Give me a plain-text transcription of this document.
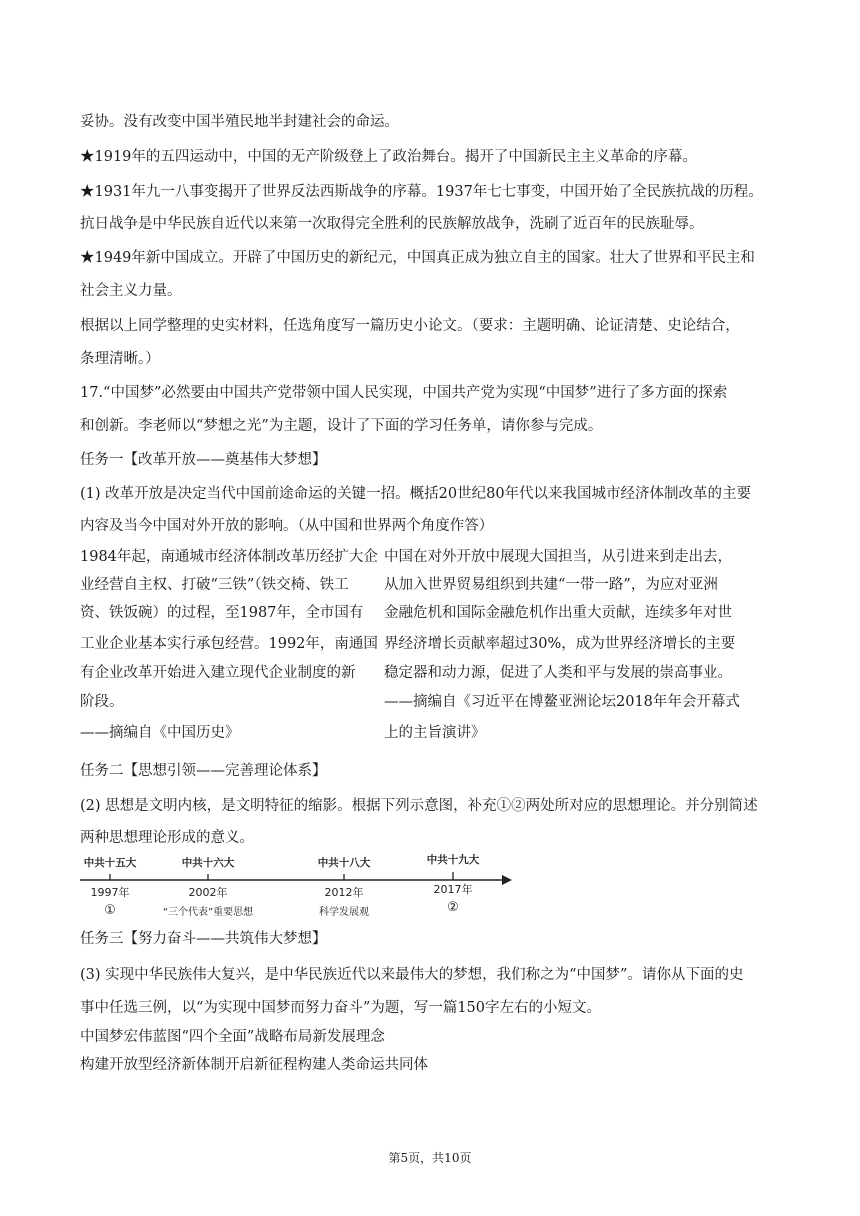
妥协。没有改变中国半殖民地半封建社会的命运。

★1919年的五四运动中，中国的无产阶级登上了政治舞台。揭开了中国新民主主义革命的序幕。

★1931年九一八事变揭开了世界反法西斯战争的序幕。1937年七七事变，中国开始了全民族抗战的历程。

抗日战争是中华民族自近代以来第一次取得完全胜利的民族解放战争，洗刷了近百年的民族耻辱。

★1949年新中国成立。开辟了中国历史的新纪元，中国真正成为独立自主的国家。壮大了世界和平民主和

社会主义力量。

根据以上同学整理的史实材料，任选角度写一篇历史小论文。（要求：主题明确、论证清楚、史论结合，

条理清晰。）

17.“中国梦”必然要由中国共产党带领中国人民实现，中国共产党为实现“中国梦”进行了多方面的探索

和创新。李老师以“梦想之光”为主题，设计了下面的学习任务单，请你参与完成。

任务一【改革开放——奠基伟大梦想】

(1) 改革开放是决定当代中国前途命运的关键一招。概括20世纪80年代以来我国城市经济体制改革的主要

内容及当今中国对外开放的影响。（从中国和世界两个角度作答）

1984年起，南通城市经济体制改革历经扩大企

业经营自主权、打破“三铁”（铁交椅、铁工

资、铁饭碗）的过程，至1987年，全市国有

工业企业基本实行承包经营。1992年，南通国

有企业改革开始进入建立现代企业制度的新

阶段。

——摘编自《中国历史》

中国在对外开放中展现大国担当，从引进来到走出去，

从加入世界贸易组织到共建“一带一路”，为应对亚洲

金融危机和国际金融危机作出重大贡献，连续多年对世

界经济增长贡献率超过30%，成为世界经济增长的主要

稳定器和动力源，促进了人类和平与发展的崇高事业。

——摘编自《习近平在博鳌亚洲论坛2018年年会开幕式

上的主旨演讲》

任务二【思想引领——完善理论体系】

(2) 思想是文明内核，是文明特征的缩影。根据下列示意图，补充①②两处所对应的思想理论。并分别简述

两种思想理论形成的意义。

中共十五大	中共十六大	中共十八大	中共十九大
1997年	2002年	2012年	2017年
①	“三个代表”重要思想	科学发展观	②

任务三【努力奋斗——共筑伟大梦想】

(3) 实现中华民族伟大复兴，是中华民族近代以来最伟大的梦想，我们称之为“中国梦”。请你从下面的史

事中任选三例，以“为实现中国梦而努力奋斗”为题，写一篇150字左右的小短文。

中国梦宏伟蓝图“四个全面”战略布局新发展理念

构建开放型经济新体制开启新征程构建人类命运共同体

第5页，共10页
